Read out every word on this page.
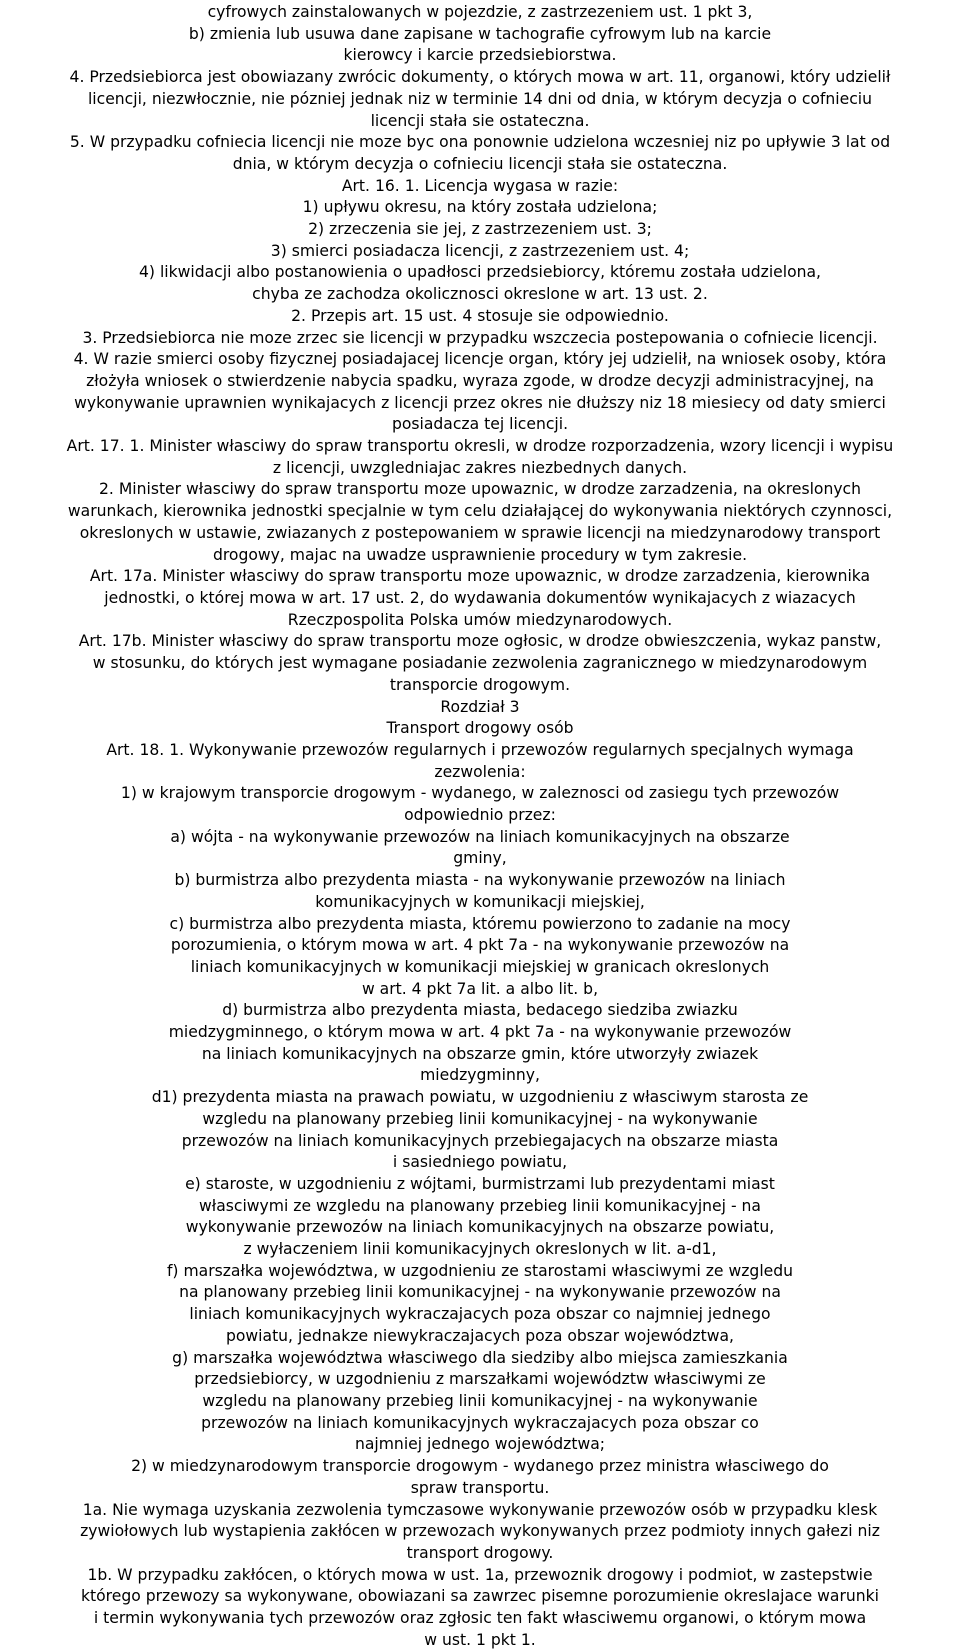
cyfrowych zainstalowanych w pojezdzie, z zastrzezeniem ust. 1 pkt 3,

b) zmienia lub usuwa dane zapisane w tachografie cyfrowym lub na karcie

kierowcy i karcie przedsiebiorstwa.

4. Przedsiebiorca jest obowiazany zwrócic dokumenty, o których mowa w art. 11, organowi, który udzielił

licencji, niezwłocznie, nie pózniej jednak niz w terminie 14 dni od dnia, w którym decyzja o cofnieciu

licencji stała sie ostateczna.

5. W przypadku cofniecia licencji nie moze byc ona ponownie udzielona wczesniej niz po upływie 3 lat od

dnia, w którym decyzja o cofnieciu licencji stała sie ostateczna.

Art. 16. 1. Licencja wygasa w razie:

1) upływu okresu, na który została udzielona;

2) zrzeczenia sie jej, z zastrzezeniem ust. 3;

3) smierci posiadacza licencji, z zastrzezeniem ust. 4;

4) likwidacji albo postanowienia o upadłosci przedsiebiorcy, któremu została udzielona,

chyba ze zachodza okolicznosci okreslone w art. 13 ust. 2.

2. Przepis art. 15 ust. 4 stosuje sie odpowiednio.

3. Przedsiebiorca nie moze zrzec sie licencji w przypadku wszczecia postepowania o cofniecie licencji.

4. W razie smierci osoby fizycznej posiadajacej licencje organ, który jej udzielił, na wniosek osoby, która

złożyła wniosek o stwierdzenie nabycia spadku, wyraza zgode, w drodze decyzji administracyjnej, na

wykonywanie uprawnien wynikajacych z licencji przez okres nie dłuższy niz 18 miesiecy od daty smierci

posiadacza tej licencji.

Art. 17. 1. Minister własciwy do spraw transportu okresli, w drodze rozporzadzenia, wzory licencji i wypisu

z licencji, uwzgledniajac zakres niezbednych danych.

2. Minister własciwy do spraw transportu moze upowaznic, w drodze zarzadzenia, na okreslonych

warunkach, kierownika jednostki specjalnie w tym celu działającej do wykonywania niektórych czynnosci,

okreslonych w ustawie, zwiazanych z postepowaniem w sprawie licencji na miedzynarodowy transport

drogowy, majac na uwadze usprawnienie procedury w tym zakresie.

Art. 17a. Minister własciwy do spraw transportu moze upowaznic, w drodze zarzadzenia, kierownika

jednostki, o której mowa w art. 17 ust. 2, do wydawania dokumentów wynikajacych z wiazacych

Rzeczpospolita Polska umów miedzynarodowych.

Art. 17b. Minister własciwy do spraw transportu moze ogłosic, w drodze obwieszczenia, wykaz panstw,

w stosunku, do których jest wymagane posiadanie zezwolenia zagranicznego w miedzynarodowym

transporcie drogowym.

Rozdział 3

Transport drogowy osób

Art. 18. 1. Wykonywanie przewozów regularnych i przewozów regularnych specjalnych wymaga

zezwolenia:

1) w krajowym transporcie drogowym - wydanego, w zaleznosci od zasiegu tych przewozów

odpowiednio przez:

a) wójta - na wykonywanie przewozów na liniach komunikacyjnych na obszarze

gminy,

b) burmistrza albo prezydenta miasta - na wykonywanie przewozów na liniach

komunikacyjnych w komunikacji miejskiej,

c) burmistrza albo prezydenta miasta, któremu powierzono to zadanie na mocy

porozumienia, o którym mowa w art. 4 pkt 7a - na wykonywanie przewozów na

liniach komunikacyjnych w komunikacji miejskiej w granicach okreslonych

w art. 4 pkt 7a lit. a albo lit. b,

d) burmistrza albo prezydenta miasta, bedacego siedziba zwiazku

miedzygminnego, o którym mowa w art. 4 pkt 7a - na wykonywanie przewozów

na liniach komunikacyjnych na obszarze gmin, które utworzyły zwiazek

miedzygminny,

d1) prezydenta miasta na prawach powiatu, w uzgodnieniu z własciwym starosta ze

wzgledu na planowany przebieg linii komunikacyjnej - na wykonywanie

przewozów na liniach komunikacyjnych przebiegajacych na obszarze miasta

i sasiedniego powiatu,

e) staroste, w uzgodnieniu z wójtami, burmistrzami lub prezydentami miast

własciwymi ze wzgledu na planowany przebieg linii komunikacyjnej - na

wykonywanie przewozów na liniach komunikacyjnych na obszarze powiatu,

z wyłaczeniem linii komunikacyjnych okreslonych w lit. a-d1,

f) marszałka województwa, w uzgodnieniu ze starostami własciwymi ze wzgledu

na planowany przebieg linii komunikacyjnej - na wykonywanie przewozów na

liniach komunikacyjnych wykraczajacych poza obszar co najmniej jednego

powiatu, jednakze niewykraczajacych poza obszar województwa,

g) marszałka województwa własciwego dla siedziby albo miejsca zamieszkania

przedsiebiorcy, w uzgodnieniu z marszałkami województw własciwymi ze

wzgledu na planowany przebieg linii komunikacyjnej - na wykonywanie

przewozów na liniach komunikacyjnych wykraczajacych poza obszar co

najmniej jednego województwa;

2) w miedzynarodowym transporcie drogowym - wydanego przez ministra własciwego do

spraw transportu.

1a. Nie wymaga uzyskania zezwolenia tymczasowe wykonywanie przewozów osób w przypadku klesk

zywiołowych lub wystapienia zakłócen w przewozach wykonywanych przez podmioty innych gałezi niz

transport drogowy.

1b. W przypadku zakłócen, o których mowa w ust. 1a, przewoznik drogowy i podmiot, w zastepstwie

którego przewozy sa wykonywane, obowiazani sa zawrzec pisemne porozumienie okreslajace warunki

i termin wykonywania tych przewozów oraz zgłosic ten fakt własciwemu organowi, o którym mowa

w ust. 1 pkt 1.
